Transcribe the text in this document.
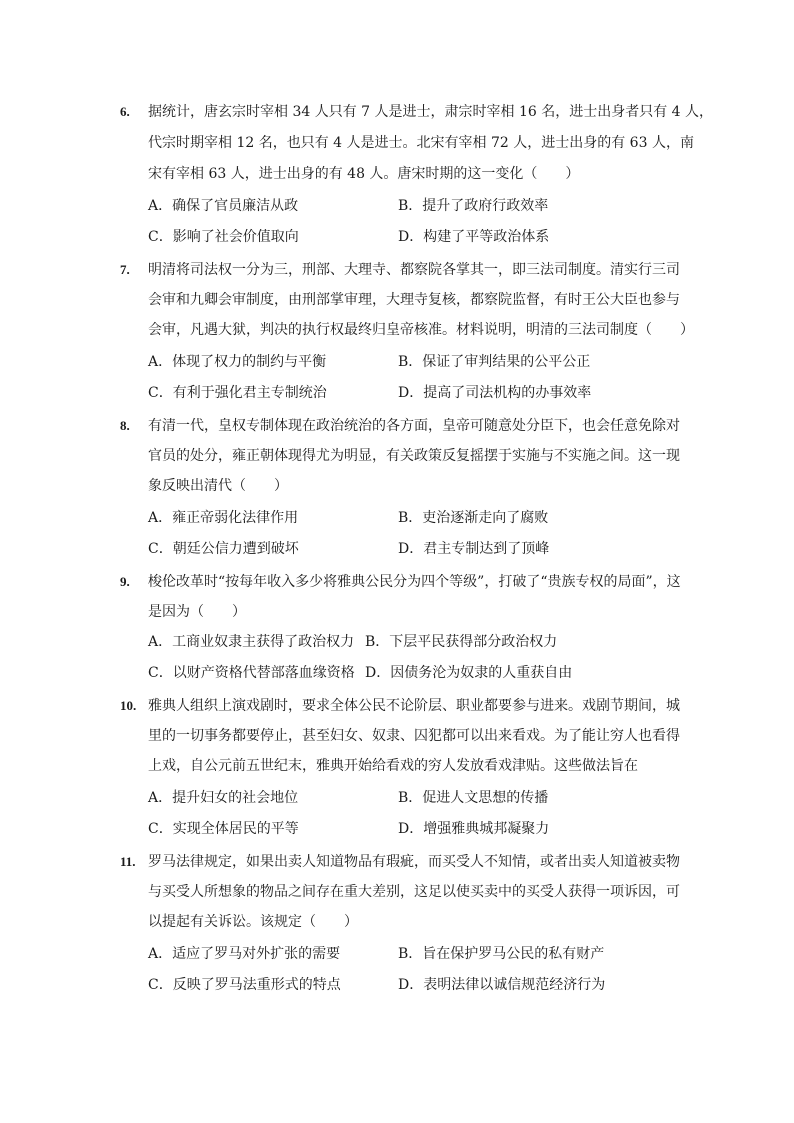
6. 据统计，唐玄宗时宰相 34 人只有 7 人是进士，肃宗时宰相 16 名，进士出身者只有 4 人，
代宗时期宰相 12 名，也只有 4 人是进士。北宋有宰相 72 人，进士出身的有 63 人，南
宋有宰相 63 人，进士出身的有 48 人。唐宋时期的这一变化（　　）
A．确保了官员廉洁从政	B．提升了政府行政效率
C．影响了社会价值取向	D．构建了平等政治体系
7. 明清将司法权一分为三，刑部、大理寺、都察院各掌其一，即三法司制度。清实行三司
会审和九卿会审制度，由刑部掌审理，大理寺复核，都察院监督，有时王公大臣也参与
会审，凡遇大狱，判决的执行权最终归皇帝核准。材料说明，明清的三法司制度（　　）
A．体现了权力的制约与平衡	B．保证了审判结果的公平公正
C．有利于强化君主专制统治	D．提高了司法机构的办事效率
8. 有清一代，皇权专制体现在政治统治的各方面，皇帝可随意处分臣下，也会任意免除对
官员的处分，雍正朝体现得尤为明显，有关政策反复摇摆于实施与不实施之间。这一现
象反映出清代（　　）
A．雍正帝弱化法律作用	B．吏治逐渐走向了腐败
C．朝廷公信力遭到破坏	D．君主专制达到了顶峰
9. 梭伦改革时“按每年收入多少将雅典公民分为四个等级”，打破了“贵族专权的局面”，这
是因为（　　）
A．工商业奴隶主获得了政治权力 B．下层平民获得部分政治权力
C．以财产资格代替部落血缘资格 D．因债务沦为奴隶的人重获自由
10. 雅典人组织上演戏剧时，要求全体公民不论阶层、职业都要参与进来。戏剧节期间，城
里的一切事务都要停止，甚至妇女、奴隶、囚犯都可以出来看戏。为了能让穷人也看得
上戏，自公元前五世纪末，雅典开始给看戏的穷人发放看戏津贴。这些做法旨在
A．提升妇女的社会地位	B．促进人文思想的传播
C．实现全体居民的平等	D．增强雅典城邦凝聚力
11. 罗马法律规定，如果出卖人知道物品有瑕疵，而买受人不知情，或者出卖人知道被卖物
与买受人所想象的物品之间存在重大差别，这足以使买卖中的买受人获得一项诉因，可
以提起有关诉讼。该规定（　　）
A．适应了罗马对外扩张的需要	B．旨在保护罗马公民的私有财产
C．反映了罗马法重形式的特点	D．表明法律以诚信规范经济行为
